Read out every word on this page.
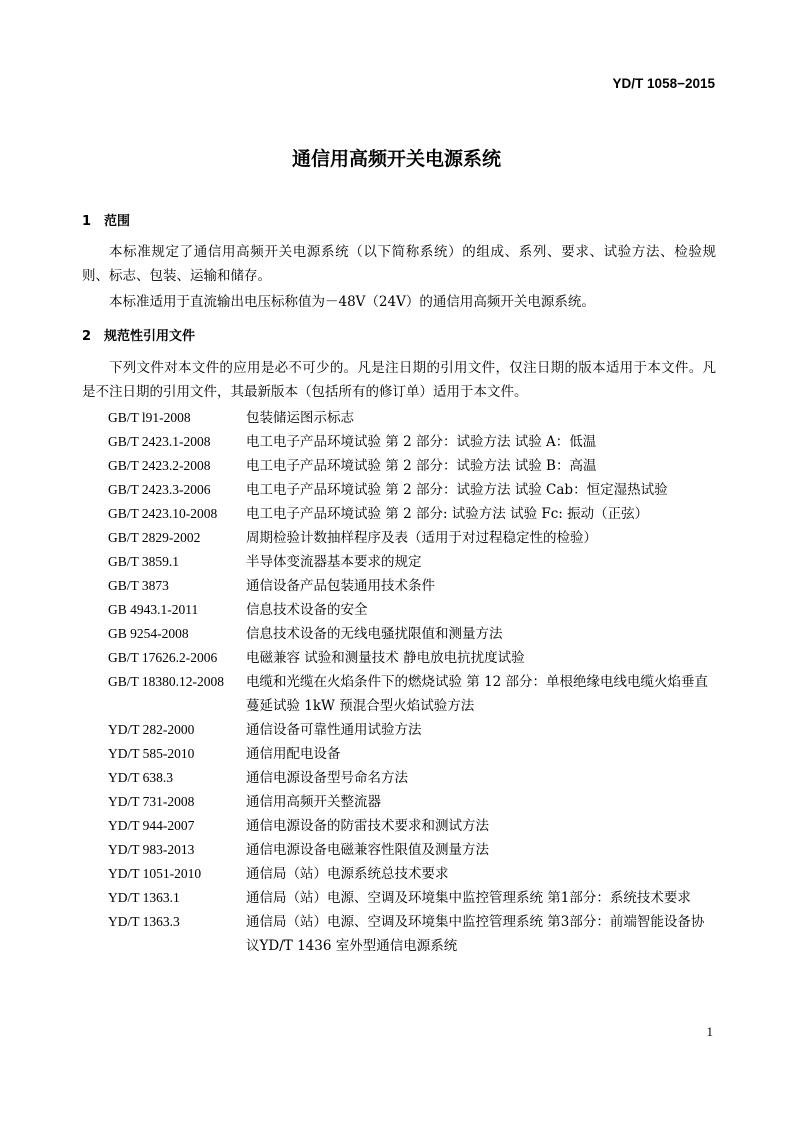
YD/T 1058−2015
通信用高频开关电源系统
1 范围
本标准规定了通信用高频开关电源系统（以下简称系统）的组成、系列、要求、试验方法、检验规则、标志、包装、运输和储存。
本标准适用于直流输出电压标称值为－48V（24V）的通信用高频开关电源系统。
2 规范性引用文件
下列文件对本文件的应用是必不可少的。凡是注日期的引用文件，仅注日期的版本适用于本文件。凡是不注日期的引用文件，其最新版本（包括所有的修订单）适用于本文件。
GB/T l91-2008	包装储运图示标志
GB/T 2423.1-2008	电工电子产品环境试验 第 2 部分：试验方法 试验 A：低温
GB/T 2423.2-2008	电工电子产品环境试验 第 2 部分：试验方法 试验 B：高温
GB/T 2423.3-2006	电工电子产品环境试验 第 2 部分：试验方法 试验 Cab：恒定湿热试验
GB/T 2423.10-2008 电工电子产品环境试验 第 2 部分: 试验方法 试验 Fc: 振动（正弦）
GB/T 2829-2002	周期检验计数抽样程序及表（适用于对过程稳定性的检验）
GB/T 3859.1	半导体变流器基本要求的规定
GB/T 3873	通信设备产品包装通用技术条件
GB 4943.1-2011	信息技术设备的安全
GB 9254-2008	信息技术设备的无线电骚扰限值和测量方法
GB/T 17626.2-2006 电磁兼容 试验和测量技术 静电放电抗扰度试验
GB/T 18380.12-2008 电缆和光缆在火焰条件下的燃烧试验 第 12 部分：单根绝缘电线电缆火焰垂直蔓延试验 1kW 预混合型火焰试验方法
YD/T 282-2000	通信设备可靠性通用试验方法
YD/T 585-2010	通信用配电设备
YD/T 638.3	通信电源设备型号命名方法
YD/T 731-2008	通信用高频开关整流器
YD/T 944-2007	通信电源设备的防雷技术要求和测试方法
YD/T 983-2013	通信电源设备电磁兼容性限值及测量方法
YD/T 1051-2010	通信局（站）电源系统总技术要求
YD/T 1363.1	通信局（站）电源、空调及环境集中监控管理系统 第1部分：系统技术要求
YD/T 1363.3	通信局（站）电源、空调及环境集中监控管理系统 第3部分：前端智能设备协议YD/T 1436 室外型通信电源系统
1
